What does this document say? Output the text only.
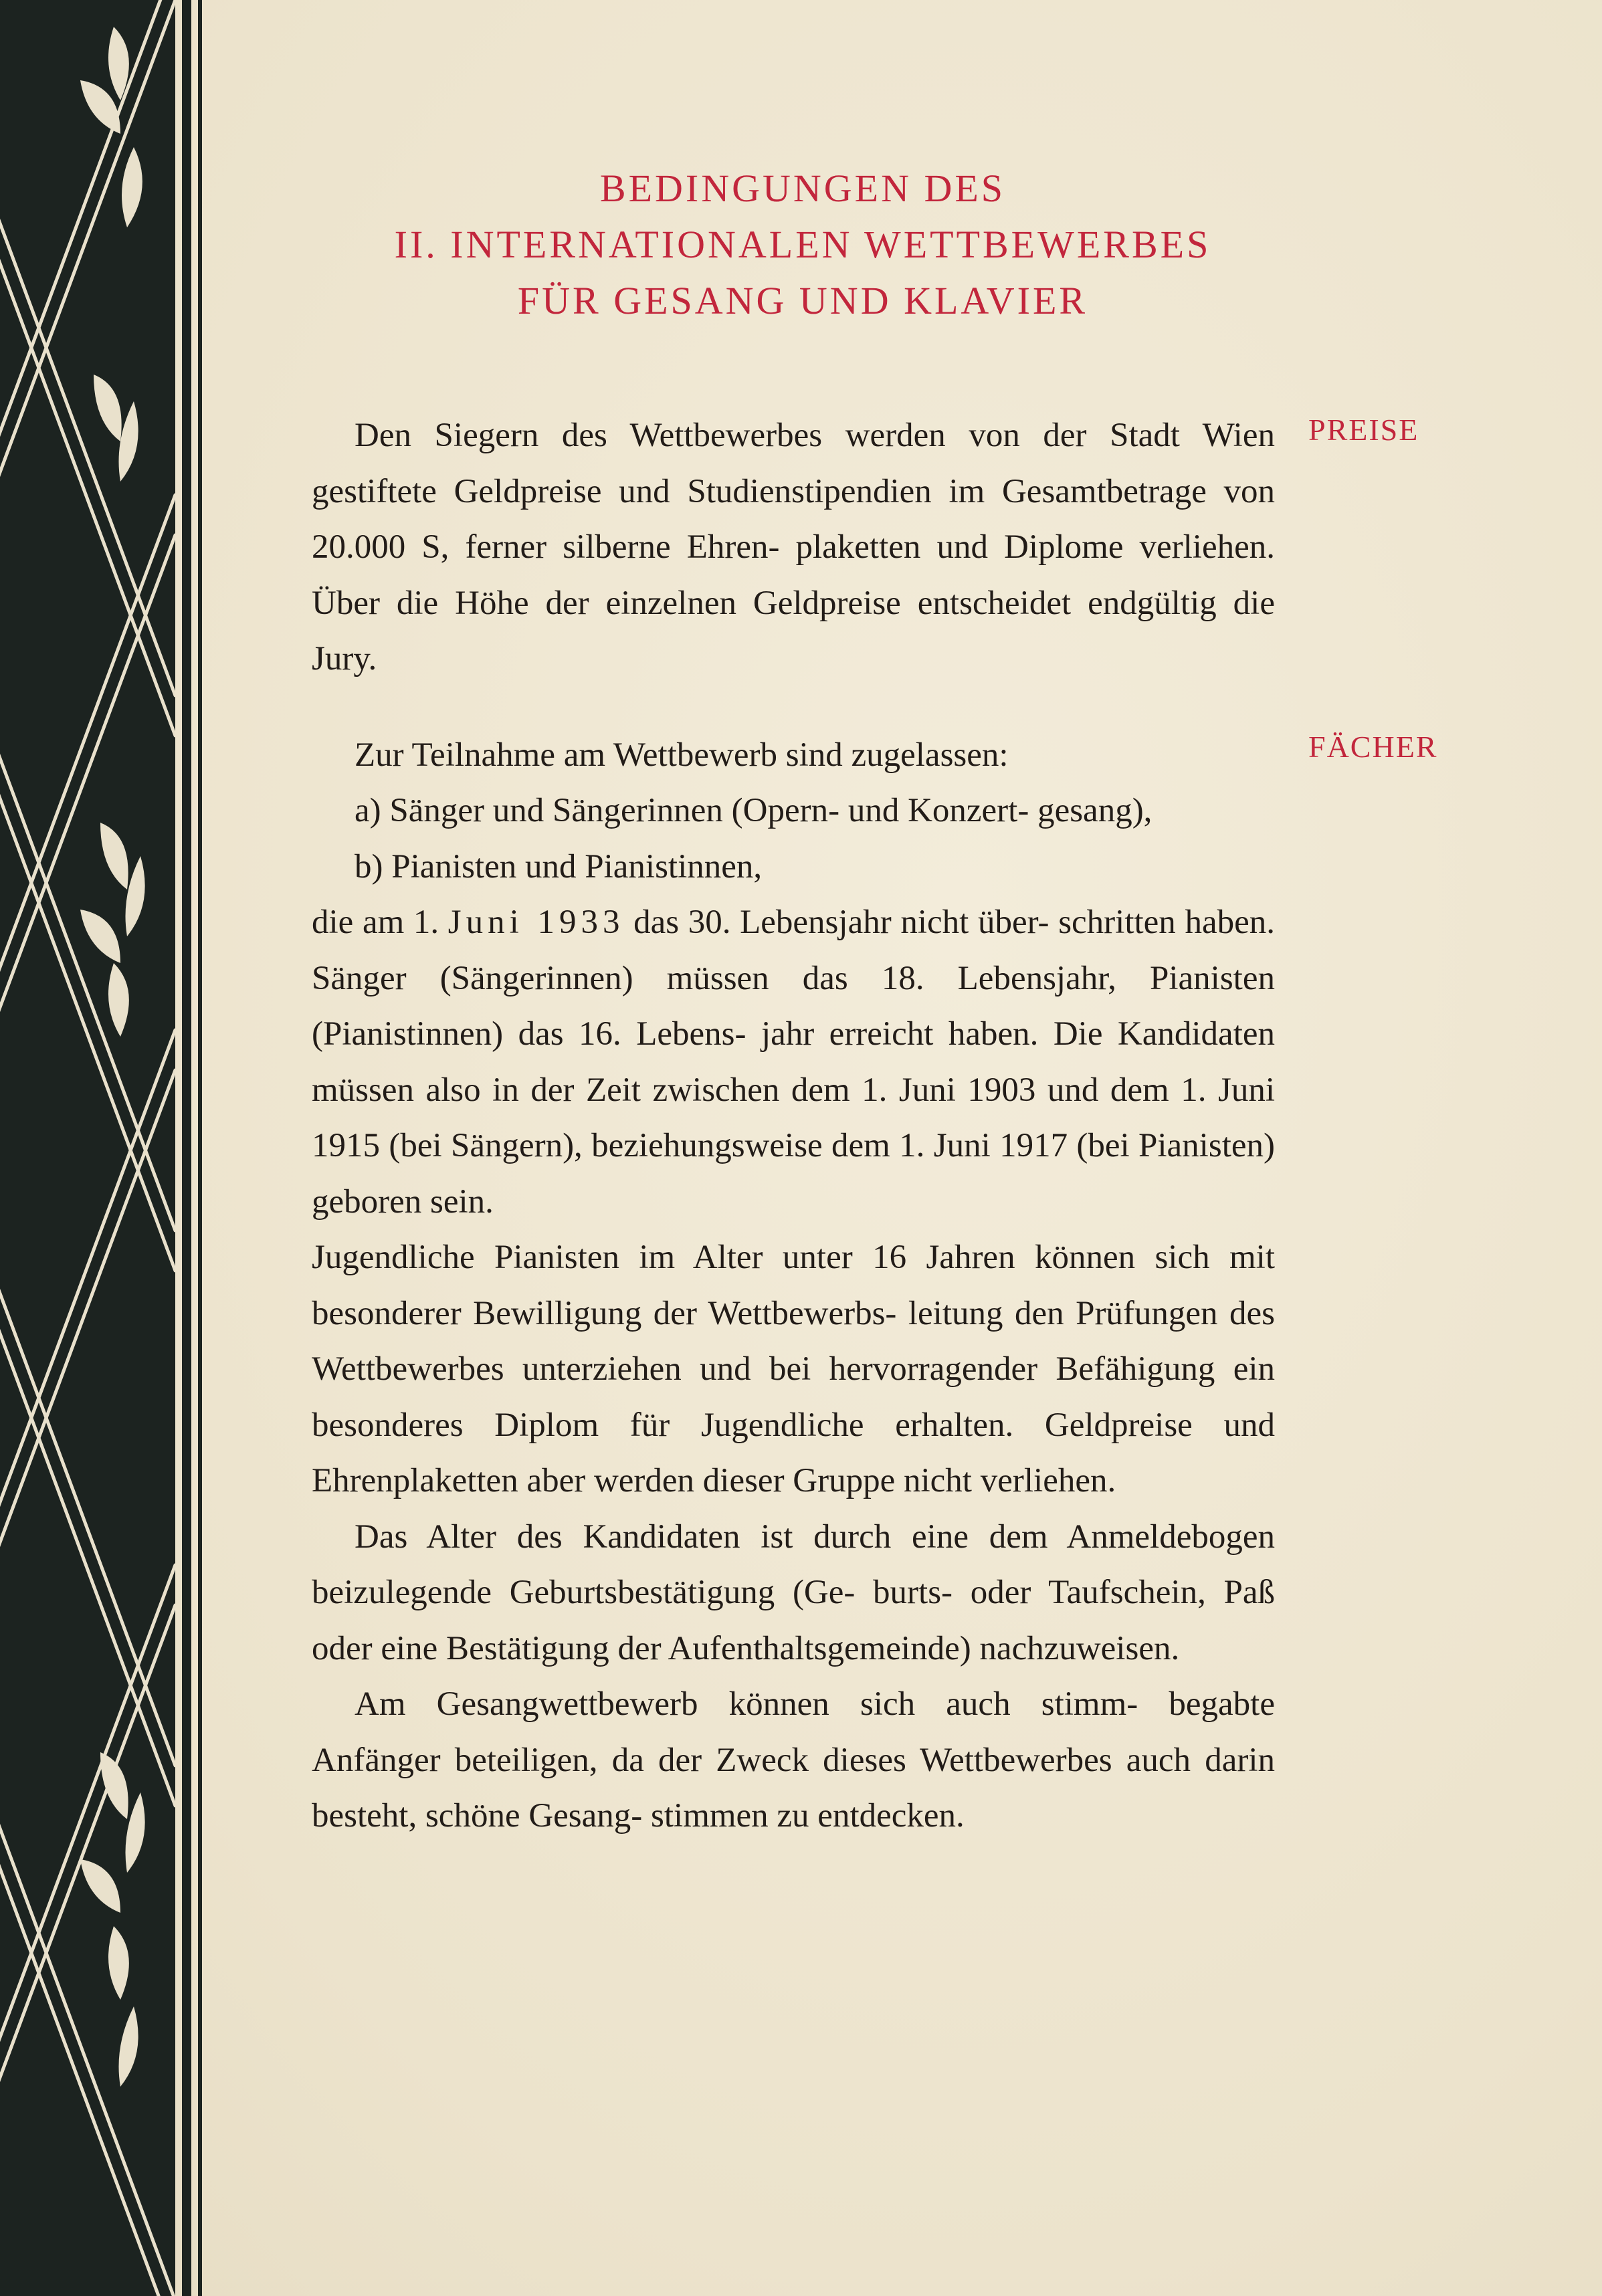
BEDINGUNGEN DES
II. INTERNATIONALEN WETTBEWERBES
FÜR GESANG UND KLAVIER
PREISE
FÄCHER

Den Siegern des Wettbewerbes werden von der Stadt Wien gestiftete Geldpreise und Studienstipendien im Gesamtbetrage von 20.000 S, ferner silberne Ehren- plaketten und Diplome verliehen. Über die Höhe der einzelnen Geldpreise entscheidet endgültig die Jury.

Zur Teilnahme am Wettbewerb sind zugelassen:

a) Sänger und Sängerinnen (Opern- und Konzert- gesang),

b) Pianisten und Pianistinnen,

die am 1. Juni 1933 das 30. Lebensjahr nicht über- schritten haben. Sänger (Sängerinnen) müssen das 18. Lebensjahr, Pianisten (Pianistinnen) das 16. Lebens- jahr erreicht haben. Die Kandidaten müssen also in der Zeit zwischen dem 1. Juni 1903 und dem 1. Juni 1915 (bei Sängern), beziehungsweise dem 1. Juni 1917 (bei Pianisten) geboren sein.

Jugendliche Pianisten im Alter unter 16 Jahren können sich mit besonderer Bewilligung der Wettbewerbs- leitung den Prüfungen des Wettbewerbes unterziehen und bei hervorragender Befähigung ein besonderes Diplom für Jugendliche erhalten. Geldpreise und Ehrenplaketten aber werden dieser Gruppe nicht verliehen.

Das Alter des Kandidaten ist durch eine dem Anmeldebogen beizulegende Geburtsbestätigung (Ge- burts- oder Taufschein, Paß oder eine Bestätigung der Aufenthaltsgemeinde) nachzuweisen.

Am Gesangwettbewerb können sich auch stimm- begabte Anfänger beteiligen, da der Zweck dieses Wettbewerbes auch darin besteht, schöne Gesang- stimmen zu entdecken.
